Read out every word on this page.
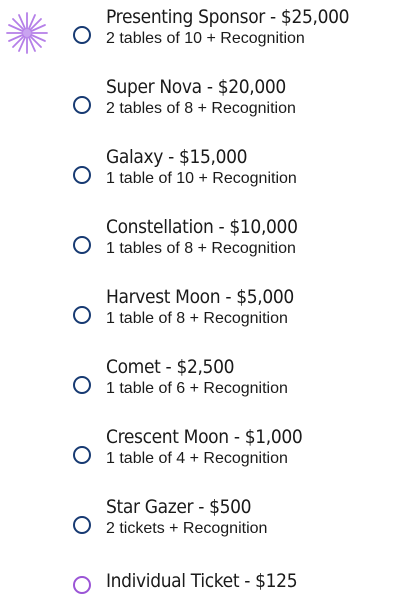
Presenting Sponsor - $25,000
2 tables of 10 + Recognition
Super Nova - $20,000
2 tables of 8 + Recognition
Galaxy - $15,000
1 table of 10 + Recognition
Constellation - $10,000
1 tables of 8 + Recognition
Harvest Moon - $5,000
1 table of 8 + Recognition
Comet - $2,500
1 table of 6 + Recognition
Crescent Moon - $1,000
1 table of 4 + Recognition
Star Gazer - $500
2 tickets + Recognition
Individual Ticket - $125
